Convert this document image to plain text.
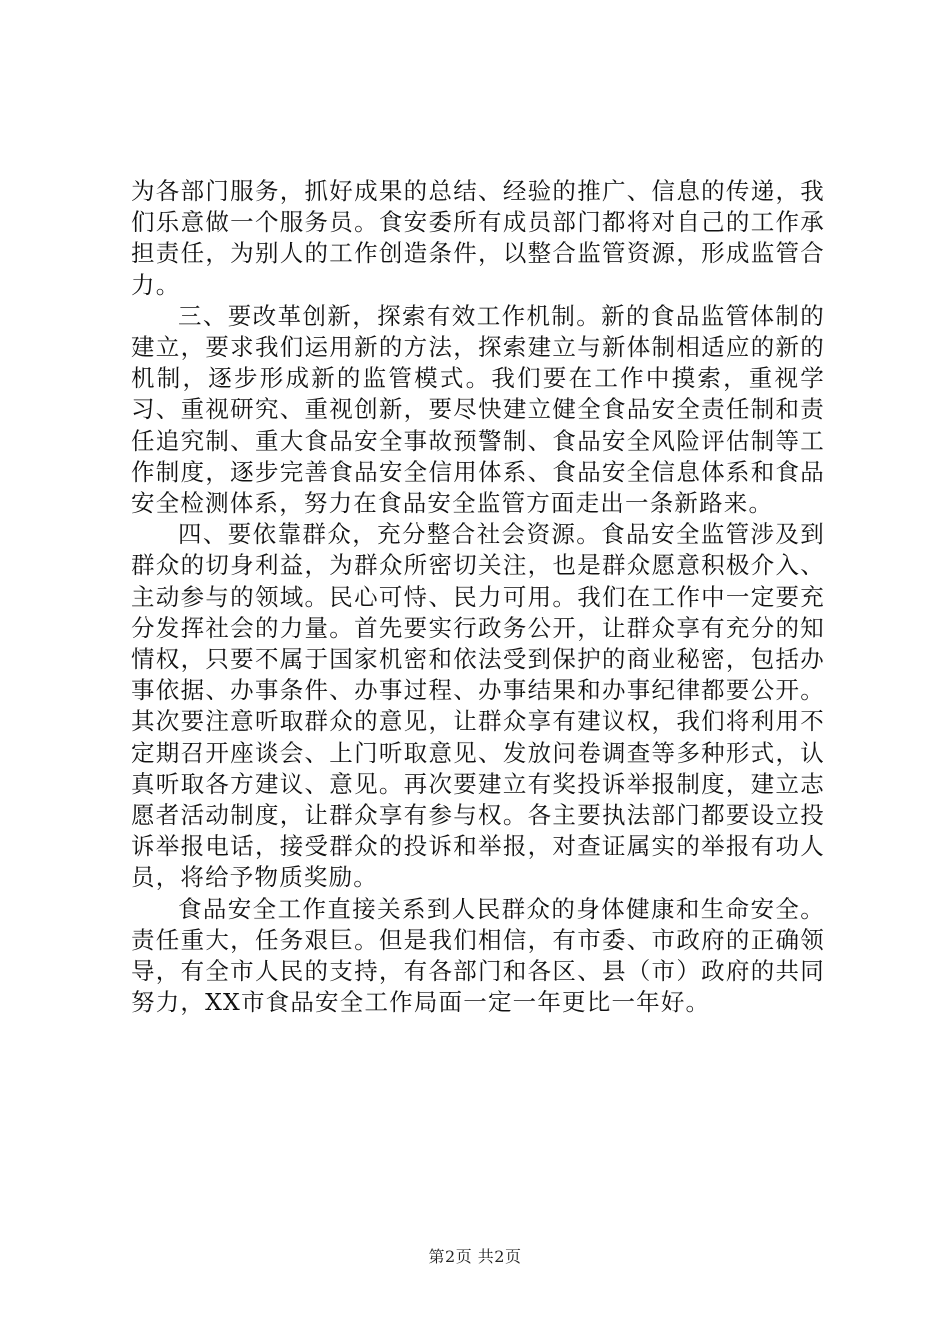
为各部门服务，抓好成果的总结、经验的推广、信息的传递，我们乐意做一个服务员。食安委所有成员部门都将对自己的工作承担责任，为别人的工作创造条件，以整合监管资源，形成监管合力。

三、要改革创新，探索有效工作机制。新的食品监管体制的建立，要求我们运用新的方法，探索建立与新体制相适应的新的机制，逐步形成新的监管模式。我们要在工作中摸索，重视学习、重视研究、重视创新，要尽快建立健全食品安全责任制和责任追究制、重大食品安全事故预警制、食品安全风险评估制等工作制度，逐步完善食品安全信用体系、食品安全信息体系和食品安全检测体系，努力在食品安全监管方面走出一条新路来。

四、要依靠群众，充分整合社会资源。食品安全监管涉及到群众的切身利益，为群众所密切关注，也是群众愿意积极介入、主动参与的领域。民心可恃、民力可用。我们在工作中一定要充分发挥社会的力量。首先要实行政务公开，让群众享有充分的知情权，只要不属于国家机密和依法受到保护的商业秘密，包括办事依据、办事条件、办事过程、办事结果和办事纪律都要公开。其次要注意听取群众的意见，让群众享有建议权，我们将利用不定期召开座谈会、上门听取意见、发放问卷调查等多种形式，认真听取各方建议、意见。再次要建立有奖投诉举报制度，建立志愿者活动制度，让群众享有参与权。各主要执法部门都要设立投诉举报电话，接受群众的投诉和举报，对查证属实的举报有功人员，将给予物质奖励。

食品安全工作直接关系到人民群众的身体健康和生命安全。责任重大，任务艰巨。但是我们相信，有市委、市政府的正确领导，有全市人民的支持，有各部门和各区、县（市）政府的共同努力，XX市食品安全工作局面一定一年更比一年好。

第2页 共2页
